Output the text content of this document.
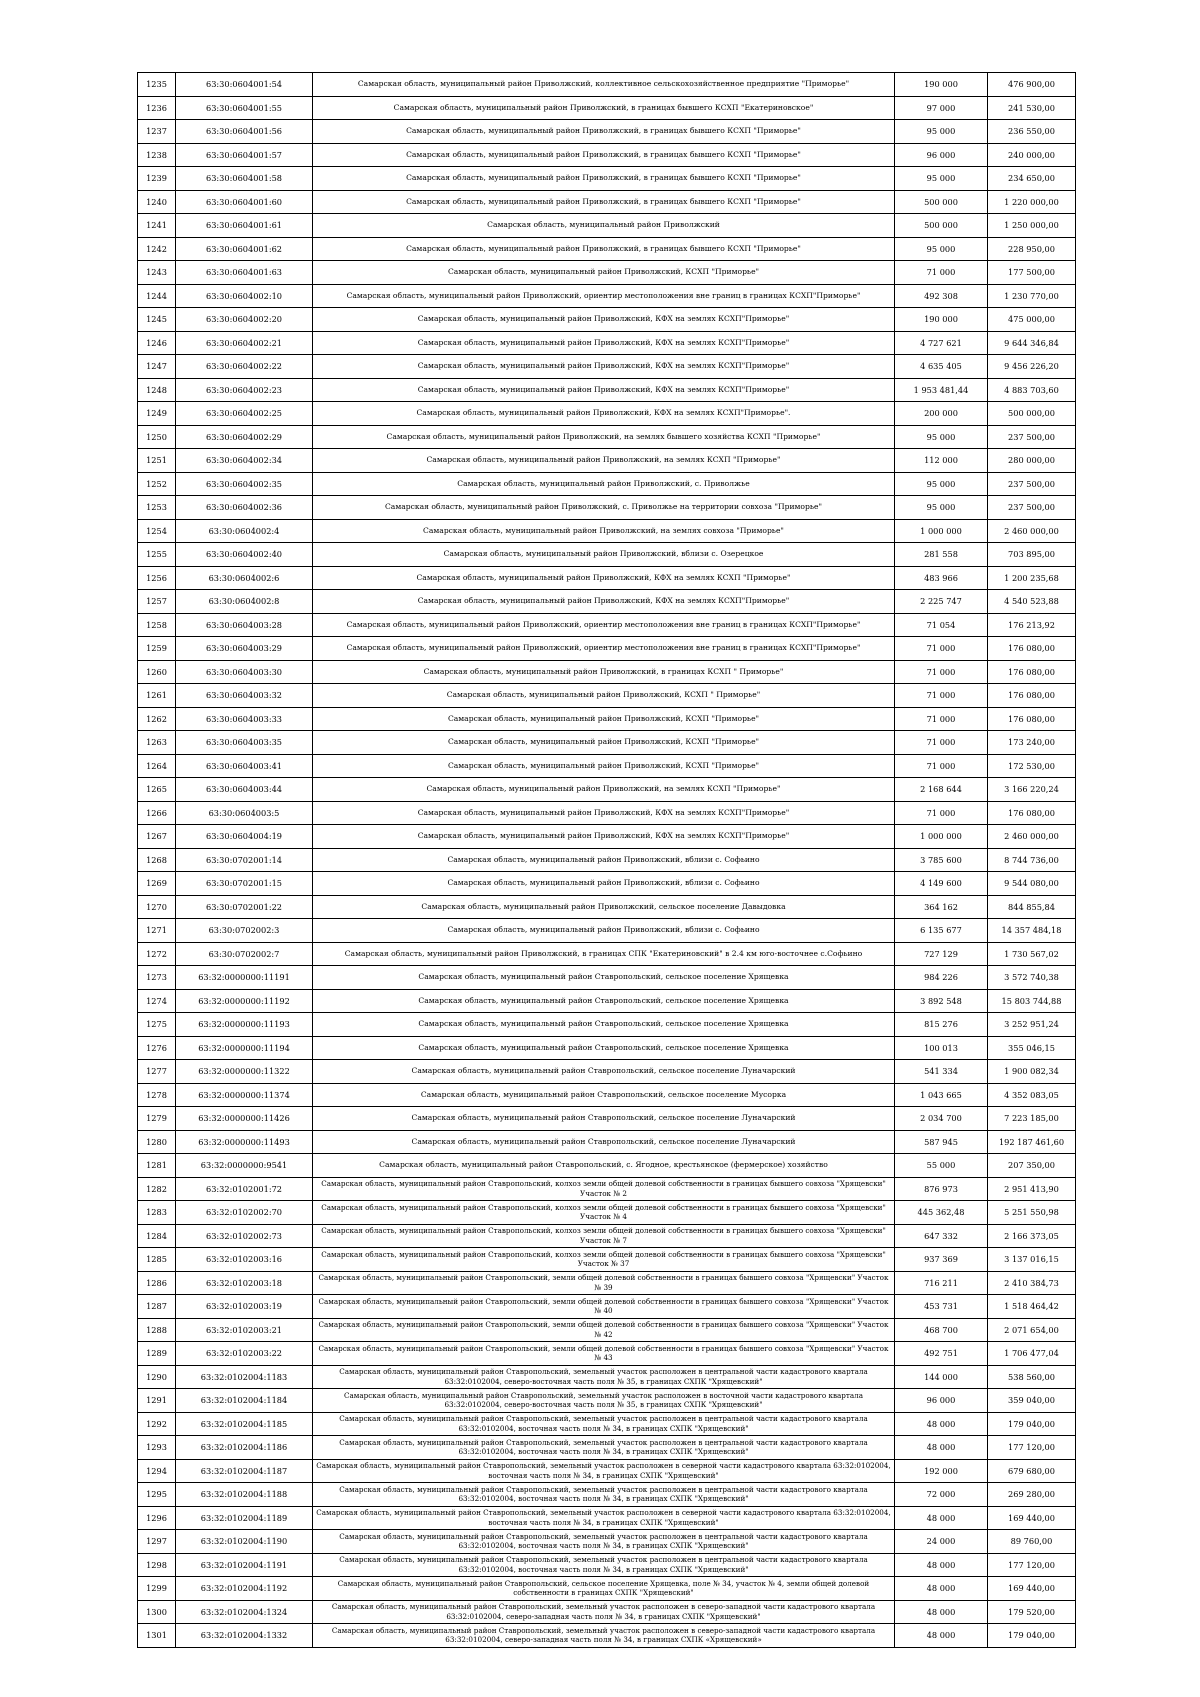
1235	63:30:0604001:54	Самарская область, муниципальный район Приволжский, коллективное сельскохозяйственное предприятие "Приморье"	190 000	476 900,00
1236	63:30:0604001:55	Самарская область, муниципальный район Приволжский, в границах бывшего КСХП "Екатериновское"	97 000	241 530,00
1237	63:30:0604001:56	Самарская область, муниципальный район Приволжский, в границах бывшего КСХП "Приморье"	95 000	236 550,00
1238	63:30:0604001:57	Самарская область, муниципальный район Приволжский, в границах бывшего КСХП "Приморье"	96 000	240 000,00
1239	63:30:0604001:58	Самарская область, муниципальный район Приволжский, в границах бывшего КСХП "Приморье"	95 000	234 650,00
1240	63:30:0604001:60	Самарская область, муниципальный район Приволжский, в границах бывшего КСХП "Приморье"	500 000	1 220 000,00
1241	63:30:0604001:61	Самарская область, муниципальный район Приволжский	500 000	1 250 000,00
1242	63:30:0604001:62	Самарская область, муниципальный район Приволжский, в границах бывшего КСХП "Приморье"	95 000	228 950,00
1243	63:30:0604001:63	Самарская область, муниципальный район Приволжский, КСХП "Приморье"	71 000	177 500,00
1244	63:30:0604002:10	Самарская область, муниципальный район Приволжский, ориентир местоположения вне границ в границах КСХП"Приморье"	492 308	1 230 770,00
1245	63:30:0604002:20	Самарская область, муниципальный район Приволжский, КФХ на землях КСХП"Приморье"	190 000	475 000,00
1246	63:30:0604002:21	Самарская область, муниципальный район Приволжский, КФХ на землях КСХП"Приморье"	4 727 621	9 644 346,84
1247	63:30:0604002:22	Самарская область, муниципальный район Приволжский, КФХ на землях КСХП"Приморье"	4 635 405	9 456 226,20
1248	63:30:0604002:23	Самарская область, муниципальный район Приволжский, КФХ на землях КСХП"Приморье"	1 953 481,44	4 883 703,60
1249	63:30:0604002:25	Самарская область, муниципальный район Приволжский, КФХ на землях КСХП"Приморье".	200 000	500 000,00
1250	63:30:0604002:29	Самарская область, муниципальный район Приволжский, на землях бывшего хозяйства КСХП "Приморье"	95 000	237 500,00
1251	63:30:0604002:34	Самарская область, муниципальный район Приволжский, на землях КСХП "Приморье"	112 000	280 000,00
1252	63:30:0604002:35	Самарская область, муниципальный район Приволжский, с. Приволжье	95 000	237 500,00
1253	63:30:0604002:36	Самарская область, муниципальный район Приволжский, с. Приволжье на территории совхоза "Приморье"	95 000	237 500,00
1254	63:30:0604002:4	Самарская область, муниципальный район Приволжский, на землях совхоза "Приморье"	1 000 000	2 460 000,00
1255	63:30:0604002:40	Самарская область, муниципальный район Приволжский, вблизи с. Озерецкое	281 558	703 895,00
1256	63:30:0604002:6	Самарская область, муниципальный район Приволжский, КФХ на землях КСХП "Приморье"	483 966	1 200 235,68
1257	63:30:0604002:8	Самарская область, муниципальный район Приволжский, КФХ на землях КСХП"Приморье"	2 225 747	4 540 523,88
1258	63:30:0604003:28	Самарская область, муниципальный район Приволжский, ориентир местоположения вне границ в границах КСХП"Приморье"	71 054	176 213,92
1259	63:30:0604003:29	Самарская область, муниципальный район Приволжский, ориентир местоположения вне границ в границах КСХП"Приморье"	71 000	176 080,00
1260	63:30:0604003:30	Самарская область, муниципальный район Приволжский, в границах КСХП " Приморье"	71 000	176 080,00
1261	63:30:0604003:32	Самарская область, муниципальный район Приволжский, КСХП " Приморье"	71 000	176 080,00
1262	63:30:0604003:33	Самарская область, муниципальный район Приволжский, КСХП "Приморье"	71 000	176 080,00
1263	63:30:0604003:35	Самарская область, муниципальный район Приволжский, КСХП "Приморье"	71 000	173 240,00
1264	63:30:0604003:41	Самарская область, муниципальный район Приволжский, КСХП "Приморье"	71 000	172 530,00
1265	63:30:0604003:44	Самарская область, муниципальный район Приволжский, на землях КСХП "Приморье"	2 168 644	3 166 220,24
1266	63:30:0604003:5	Самарская область, муниципальный район Приволжский, КФХ на землях КСХП"Приморье"	71 000	176 080,00
1267	63:30:0604004:19	Самарская область, муниципальный район Приволжский, КФХ на землях КСХП"Приморье"	1 000 000	2 460 000,00
1268	63:30:0702001:14	Самарская область, муниципальный район Приволжский, вблизи с. Софьино	3 785 600	8 744 736,00
1269	63:30:0702001:15	Самарская область, муниципальный район Приволжский, вблизи с. Софьино	4 149 600	9 544 080,00
1270	63:30:0702001:22	Самарская область, муниципальный район Приволжский, сельское поселение Давыдовка	364 162	844 855,84
1271	63:30:0702002:3	Самарская область, муниципальный район Приволжский, вблизи с. Софьино	6 135 677	14 357 484,18
1272	63:30:0702002:7	Самарская область, муниципальный район Приволжский, в границах СПК "Екатериновский" в 2.4 км юго-восточнее с.Софьино	727 129	1 730 567,02
1273	63:32:0000000:11191	Самарская область, муниципальный район Ставропольский, сельское поселение Хрящевка	984 226	3 572 740,38
1274	63:32:0000000:11192	Самарская область, муниципальный район Ставропольский, сельское поселение Хрящевка	3 892 548	15 803 744,88
1275	63:32:0000000:11193	Самарская область, муниципальный район Ставропольский, сельское поселение Хрящевка	815 276	3 252 951,24
1276	63:32:0000000:11194	Самарская область, муниципальный район Ставропольский, сельское поселение Хрящевка	100 013	355 046,15
1277	63:32:0000000:11322	Самарская область, муниципальный район Ставропольский, сельское поселение Луначарский	541 334	1 900 082,34
1278	63:32:0000000:11374	Самарская область, муниципальный район Ставропольский, сельское поселение Мусорка	1 043 665	4 352 083,05
1279	63:32:0000000:11426	Самарская область, муниципальный район Ставропольский, сельское поселение Луначарский	2 034 700	7 223 185,00
1280	63:32:0000000:11493	Самарская область, муниципальный район Ставропольский, сельское поселение Луначарский	587 945	192 187 461,60
1281	63:32:0000000:9541	Самарская область, муниципальный район Ставропольский, с. Ягодное, крестьянское (фермерское) хозяйство	55 000	207 350,00
1282	63:32:0102001:72	Самарская область, муниципальный район Ставропольский, колхоз земли общей долевой собственности в границах бывшего совхоза "Хрящевски" Участок № 2	876 973	2 951 413,90
1283	63:32:0102002:70	Самарская область, муниципальный район Ставропольский, колхоз земли общей долевой собственности в границах бывшего совхоза "Хрящевски" Участок № 4	445 362,48	5 251 550,98
1284	63:32:0102002:73	Самарская область, муниципальный район Ставропольский, колхоз земли общей долевой собственности в границах бывшего совхоза "Хрящевски" Участок № 7	647 332	2 166 373,05
1285	63:32:0102003:16	Самарская область, муниципальный район Ставропольский, колхоз земли общей долевой собственности в границах бывшего совхоза "Хрящевски" Участок № 37	937 369	3 137 016,15
1286	63:32:0102003:18	Самарская область, муниципальный район Ставропольский, земли общей долевой собственности в границах бывшего совхоза "Хрящевски" Участок № 39	716 211	2 410 384,73
1287	63:32:0102003:19	Самарская область, муниципальный район Ставропольский, земли общей долевой собственности в границах бывшего совхоза "Хрящевски" Участок № 40	453 731	1 518 464,42
1288	63:32:0102003:21	Самарская область, муниципальный район Ставропольский, земли общей долевой собственности в границах бывшего совхоза "Хрящевски" Участок № 42	468 700	2 071 654,00
1289	63:32:0102003:22	Самарская область, муниципальный район Ставропольский, земли общей долевой собственности в границах бывшего совхоза "Хрящевски" Участок № 43	492 751	1 706 477,04
1290	63:32:0102004:1183	Самарская область, муниципальный район Ставропольский, земельный участок расположен в центральной части кадастрового квартала 63:32:0102004, северо-восточная часть поля № 35, в границах СХПК "Хрящевский"	144 000	538 560,00
1291	63:32:0102004:1184	Самарская область, муниципальный район Ставропольский, земельный участок расположен в восточной части кадастрового квартала 63:32:0102004, северо-восточная часть поля № 35, в границах СХПК "Хрящевский"	96 000	359 040,00
1292	63:32:0102004:1185	Самарская область, муниципальный район Ставропольский, земельный участок расположен в центральной части кадастрового квартала 63:32:0102004, восточная часть поля № 34, в границах СХПК "Хрящевский"	48 000	179 040,00
1293	63:32:0102004:1186	Самарская область, муниципальный район Ставропольский, земельный участок расположен в центральной части кадастрового квартала 63:32:0102004, восточная часть поля № 34, в границах СХПК "Хрящевский"	48 000	177 120,00
1294	63:32:0102004:1187	Самарская область, муниципальный район Ставропольский, земельный участок расположен в северной части кадастрового квартала 63:32:0102004, восточная часть поля № 34, в границах СХПК "Хрящевский"	192 000	679 680,00
1295	63:32:0102004:1188	Самарская область, муниципальный район Ставропольский, земельный участок расположен в центральной части кадастрового квартала 63:32:0102004, восточная часть поля № 34, в границах СХПК "Хрящевский"	72 000	269 280,00
1296	63:32:0102004:1189	Самарская область, муниципальный район Ставропольский, земельный участок расположен в северной части кадастрового квартала 63:32:0102004, восточная часть поля № 34, в границах СХПК "Хрящевский"	48 000	169 440,00
1297	63:32:0102004:1190	Самарская область, муниципальный район Ставропольский, земельный участок расположен в центральной части кадастрового квартала 63:32:0102004, восточная часть поля № 34, в границах СХПК "Хрящевский"	24 000	89 760,00
1298	63:32:0102004:1191	Самарская область, муниципальный район Ставропольский, земельный участок расположен в центральной части кадастрового квартала 63:32:0102004, восточная часть поля № 34, в границах СХПК "Хрящевский"	48 000	177 120,00
1299	63:32:0102004:1192	Самарская область, муниципальный район Ставропольский, сельское поселение Хрящевка, поле № 34, участок № 4, земли общей долевой собственности в границах СХПК "Хрящевский"	48 000	169 440,00
1300	63:32:0102004:1324	Самарская область, муниципальный район Ставропольский, земельный участок расположен в северо-западной части кадастрового квартала 63:32:0102004, северо-западная часть поля № 34, в границах СХПК "Хрящевский"	48 000	179 520,00
1301	63:32:0102004:1332	Самарская область, муниципальный район Ставропольский, земельный участок расположен в северо-западной части кадастрового квартала 63:32:0102004, северо-западная часть поля № 34, в границах СХПК «Хрящевский»	48 000	179 040,00
